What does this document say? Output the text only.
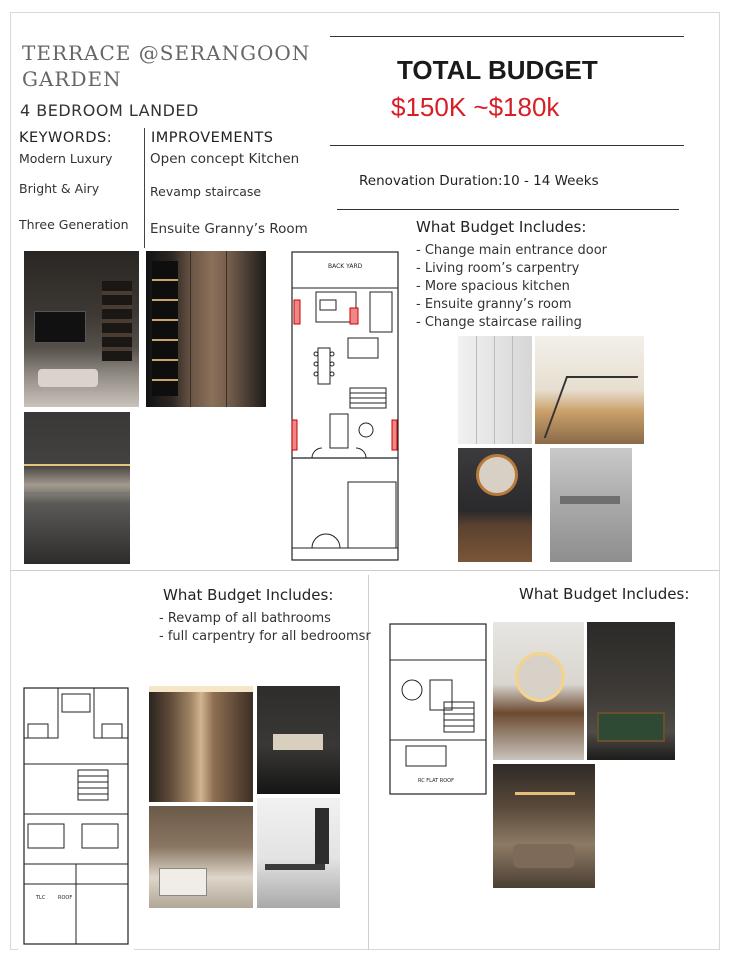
TERRACE @SERANGOON
GARDEN
4 BEDROOM LANDED
KEYWORDS:
Modern Luxury
Bright & Airy
Three Generation
IMPROVEMENTS
Open concept Kitchen
Revamp staircase
Ensuite Granny’s Room
TOTAL BUDGET
$150K ~$180k
Renovation Duration:10 - 14 Weeks
What Budget Includes:
- Change main entrance door
- Living room’s carpentry
- More spacious kitchen
- Ensuite granny’s room
- Change staircase railing
BACK YARD
What Budget Includes:
- Revamp of all bathrooms
- full carpentry for all bedroomsr
TLC	ROOF
What Budget Includes:
RC FLAT ROOF
